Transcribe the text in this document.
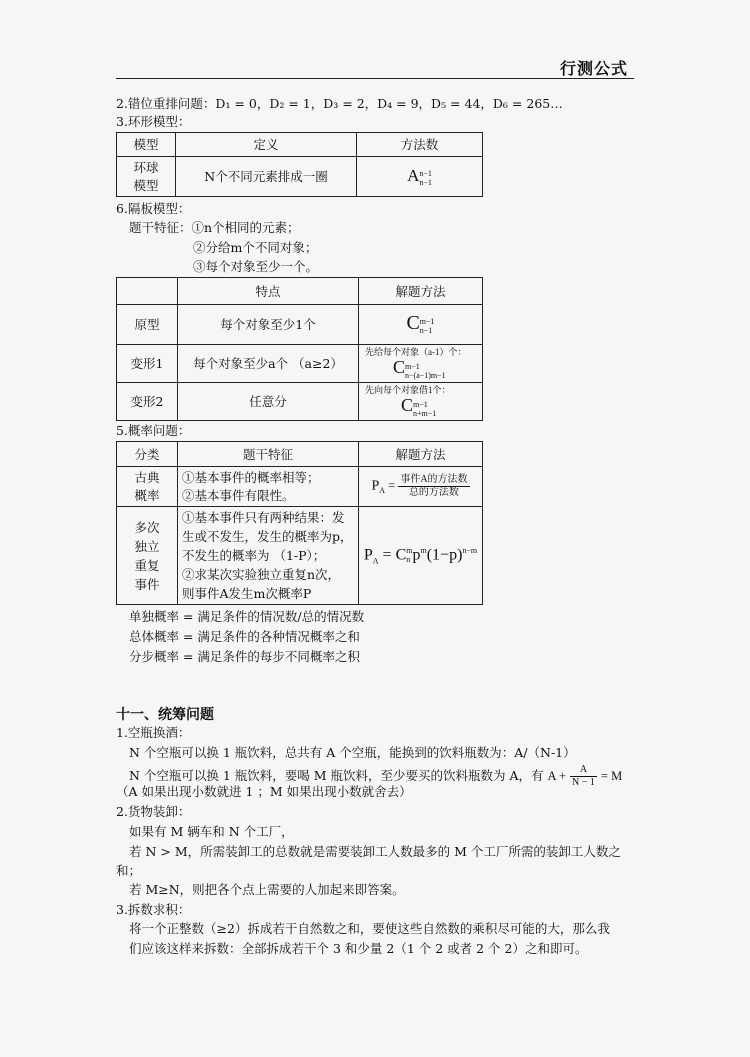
行测公式
2.错位重排问题：D₁ = 0，D₂ = 1，D₃ = 2，D₄ = 9，D₅ = 44，D₆ = 265…
3.环形模型：
模型	定义	方法数
环球
模型	N个不同元素排成一圈	A n−1
n−1
6.隔板模型：
题干特征：①n个相同的元素；
②分给m个不同对象；
③每个对象至少一个。
	特点	解题方法
原型	每个对象至少1个	C m−1
n−1

变形1	每个对象至少a个 （a≥2）	先给每个对象（a-1）个：
C m−1
n−(a−1)m−1

变形2	任意分	先向每个对象借1个：
C m−1
n+m−1
5.概率问题：
分类	题干特征	解题方法
古典
概率	①基本事件的概率相等；
②基本事件有限性。	$P_A = \frac{\text{事件A的方法数}}{\text{总的方法数}}$

多次
独立
重复
事件	①基本事件只有两种结果：发
生或不发生，发生的概率为p，
不发生的概率为 （1-P）；
②求某次实验独立重复n次，
则事件A发生m次概率P	$P_A = C$ m
n $p^m(1-p)^{n-m}$
单独概率 = 满足条件的情况数/总的情况数
总体概率 = 满足条件的各种情况概率之和
分步概率 = 满足条件的每步不同概率之积
十一、统筹问题
1.空瓶换酒：
N 个空瓶可以换 1 瓶饮料，总共有 A 个空瓶，能换到的饮料瓶数为：A/（N-1）
N 个空瓶可以换 1 瓶饮料，要喝 M 瓶饮料，至少要买的饮料瓶数为 A，有 $A + \frac{A}{N - 1} = M$
（A 如果出现小数就进 1 ；M 如果出现小数就舍去）
2.货物装卸：
如果有 M 辆车和 N 个工厂，
若 N > M，所需装卸工的总数就是需要装卸工人数最多的 M 个工厂所需的装卸工人数之
和；
若 M≥N，则把各个点上需要的人加起来即答案。
3.拆数求积：
将一个正整数（≥2）拆成若干自然数之和，要使这些自然数的乘积尽可能的大，那么我
们应该这样来拆数：全部拆成若干个 3 和少量 2（1 个 2 或者 2 个 2）之和即可。
